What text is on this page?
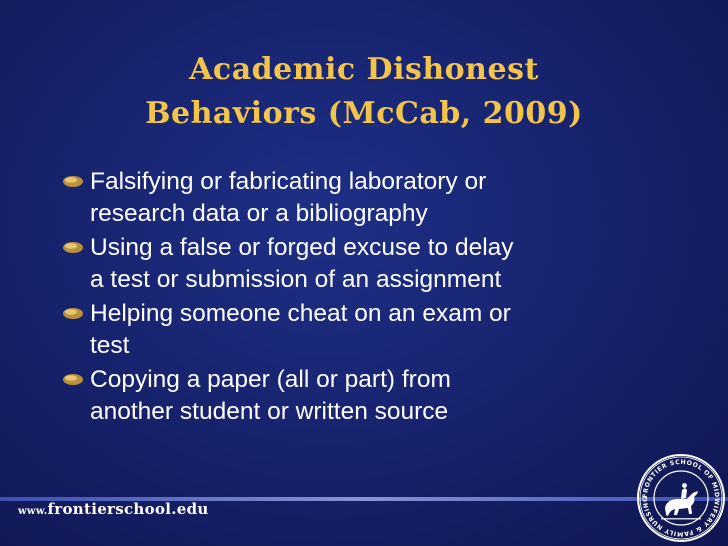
Academic Dishonest
Behaviors (McCab, 2009)
Falsifying or fabricating laboratory or
research data or a bibliography
Using a false or forged excuse to delay
a test or submission of an assignment
Helping someone cheat on an exam or
test
Copying a paper (all or part) from
another student or written source
www.frontierschool.edu
FRONTIER SCHOOL OF MIDWIFERY & FAMILY NURSING
